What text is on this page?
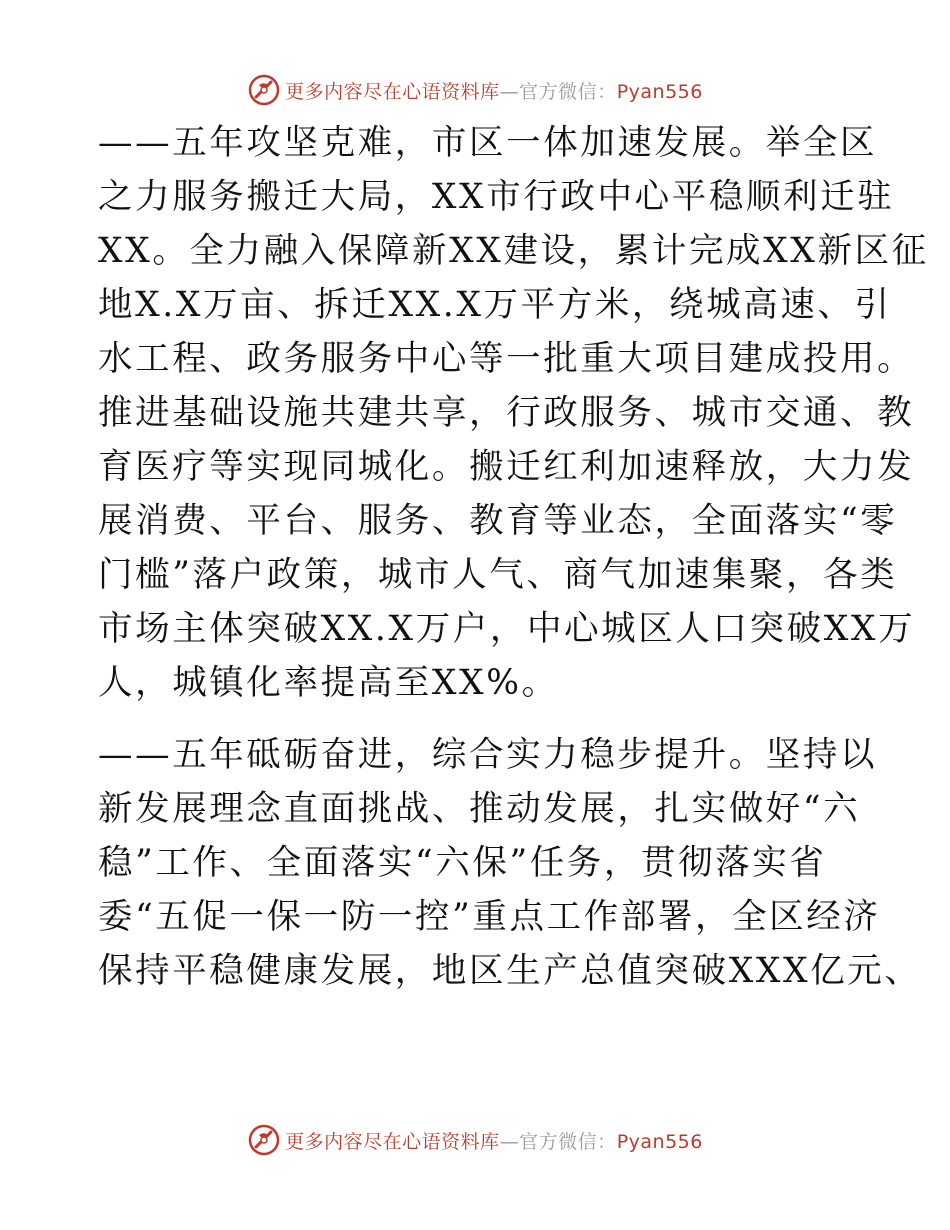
更多内容尽在心语资料库—官方微信：Pyan556
——五年攻坚克难，市区一体加速发展。举全区
之力服务搬迁大局，XX市行政中心平稳顺利迁驻
XX。全力融入保障新XX建设，累计完成XX新区征
地X.X万亩、拆迁XX.X万平方米，绕城高速、引
水工程、政务服务中心等一批重大项目建成投用。
推进基础设施共建共享，行政服务、城市交通、教
育医疗等实现同城化。搬迁红利加速释放，大力发
展消费、平台、服务、教育等业态，全面落实“零
门槛”落户政策，城市人气、商气加速集聚，各类
市场主体突破XX.X万户，中心城区人口突破XX万
人，城镇化率提高至XX%。
——五年砥砺奋进，综合实力稳步提升。坚持以
新发展理念直面挑战、推动发展，扎实做好“六
稳”工作、全面落实“六保”任务，贯彻落实省
委“五促一保一防一控”重点工作部署，全区经济
保持平稳健康发展，地区生产总值突破XXX亿元、
更多内容尽在心语资料库—官方微信：Pyan556
